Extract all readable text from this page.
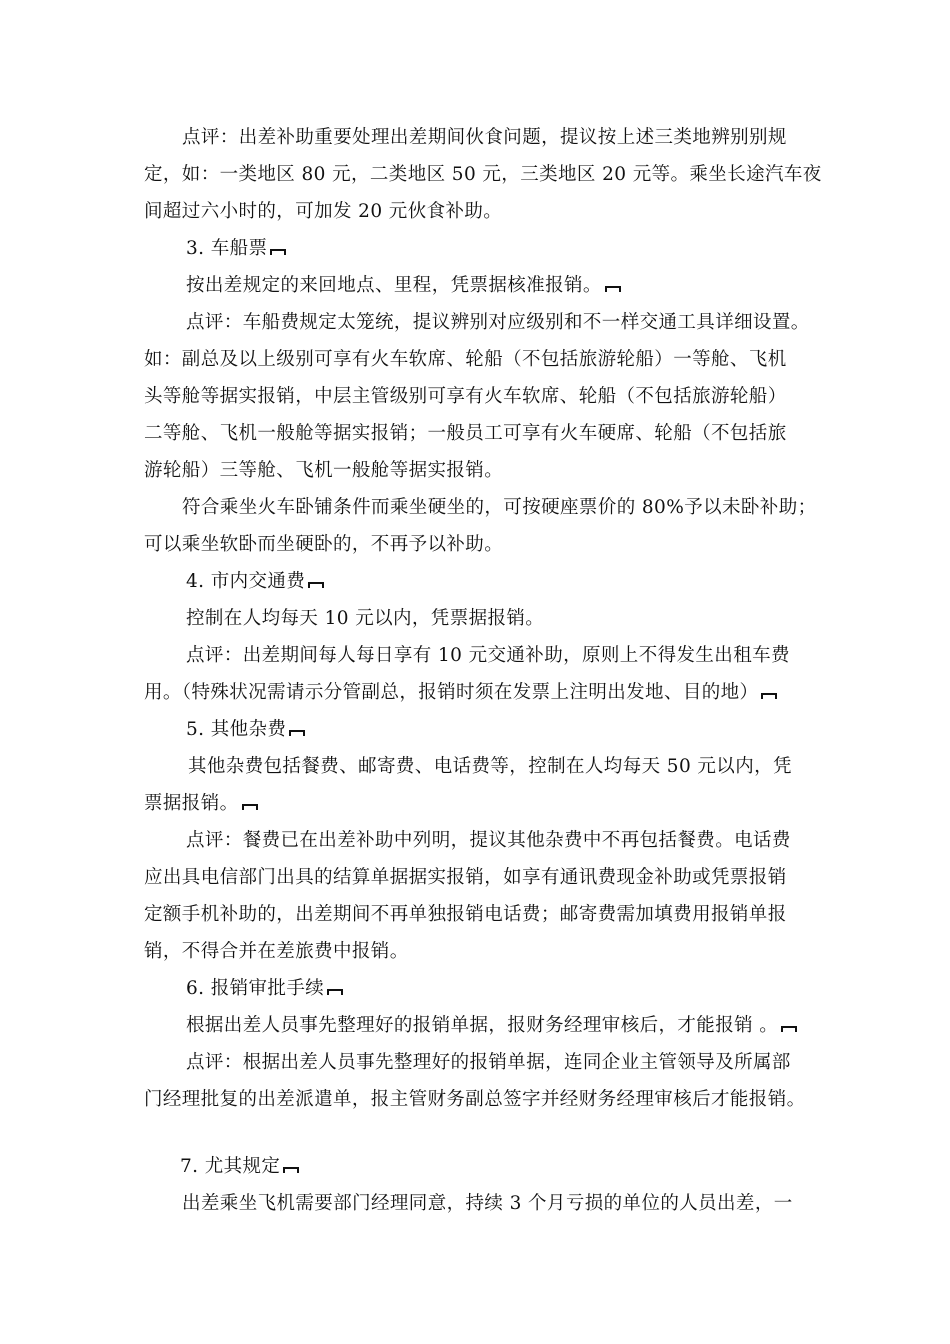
点评：出差补助重要处理出差期间伙食问题，提议按上述三类地辨别别规
定，如：一类地区 80 元，二类地区 50 元，三类地区 20 元等。乘坐长途汽车夜
间超过六小时的，可加发 20 元伙食补助。
3. 车船票
按出差规定的来回地点、里程，凭票据核准报销。
点评：车船费规定太笼统，提议辨别对应级别和不一样交通工具详细设置。
如：副总及以上级别可享有火车软席、轮船（不包括旅游轮船）一等舱、飞机
头等舱等据实报销，中层主管级别可享有火车软席、轮船（不包括旅游轮船）
二等舱、飞机一般舱等据实报销；一般员工可享有火车硬席、轮船（不包括旅
游轮船）三等舱、飞机一般舱等据实报销。
符合乘坐火车卧铺条件而乘坐硬坐的，可按硬座票价的 80%予以未卧补助；
可以乘坐软卧而坐硬卧的，不再予以补助。
4. 市内交通费
控制在人均每天 10 元以内，凭票据报销。
点评：出差期间每人每日享有 10 元交通补助，原则上不得发生出租车费
用。（特殊状况需请示分管副总，报销时须在发票上注明出发地、目的地）
5. 其他杂费
其他杂费包括餐费、邮寄费、电话费等，控制在人均每天 50 元以内，凭
票据报销。
点评：餐费已在出差补助中列明，提议其他杂费中不再包括餐费。电话费
应出具电信部门出具的结算单据据实报销，如享有通讯费现金补助或凭票报销
定额手机补助的，出差期间不再单独报销电话费；邮寄费需加填费用报销单报
销，不得合并在差旅费中报销。
6. 报销审批手续
根据出差人员事先整理好的报销单据，报财务经理审核后，才能报销 。
点评：根据出差人员事先整理好的报销单据，连同企业主管领导及所属部
门经理批复的出差派遣单，报主管财务副总签字并经财务经理审核后才能报销。
7. 尤其规定
出差乘坐飞机需要部门经理同意，持续 3 个月亏损的单位的人员出差，一
